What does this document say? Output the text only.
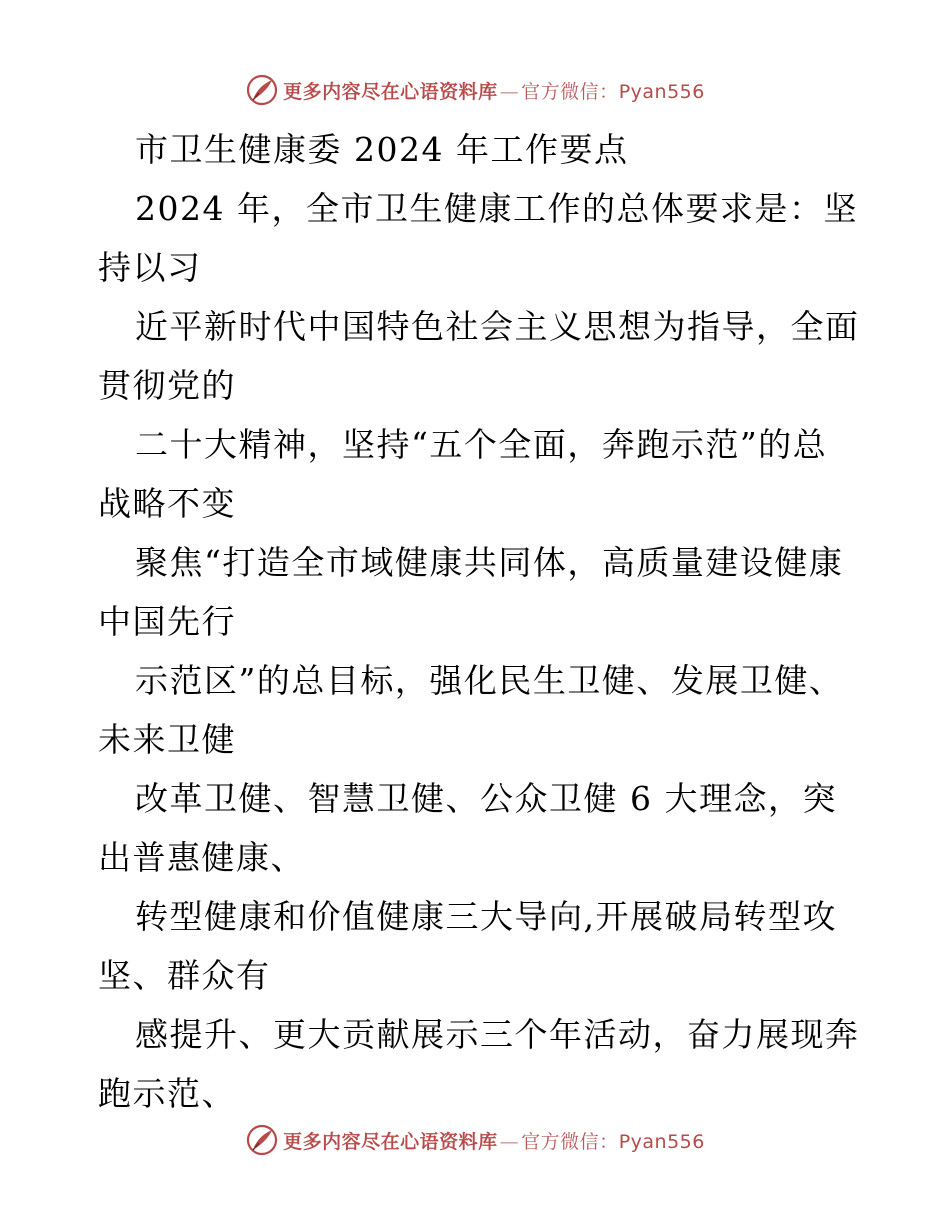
更多内容尽在心语资料库 — 官方微信：Pyan556
市卫生健康委 2024 年工作要点
2024 年，全市卫生健康工作的总体要求是：坚
持以习
近平新时代中国特色社会主义思想为指导，全面
贯彻党的
二十大精神，坚持“五个全面，奔跑示范”的总
战略不变
聚焦“打造全市域健康共同体，高质量建设健康
中国先行
示范区”的总目标，强化民生卫健、发展卫健、
未来卫健
改革卫健、智慧卫健、公众卫健 6 大理念，突
出普惠健康、
转型健康和价值健康三大导向,开展破局转型攻
坚、群众有
感提升、更大贡献展示三个年活动，奋力展现奔
跑示范、
更多内容尽在心语资料库 — 官方微信：Pyan556
